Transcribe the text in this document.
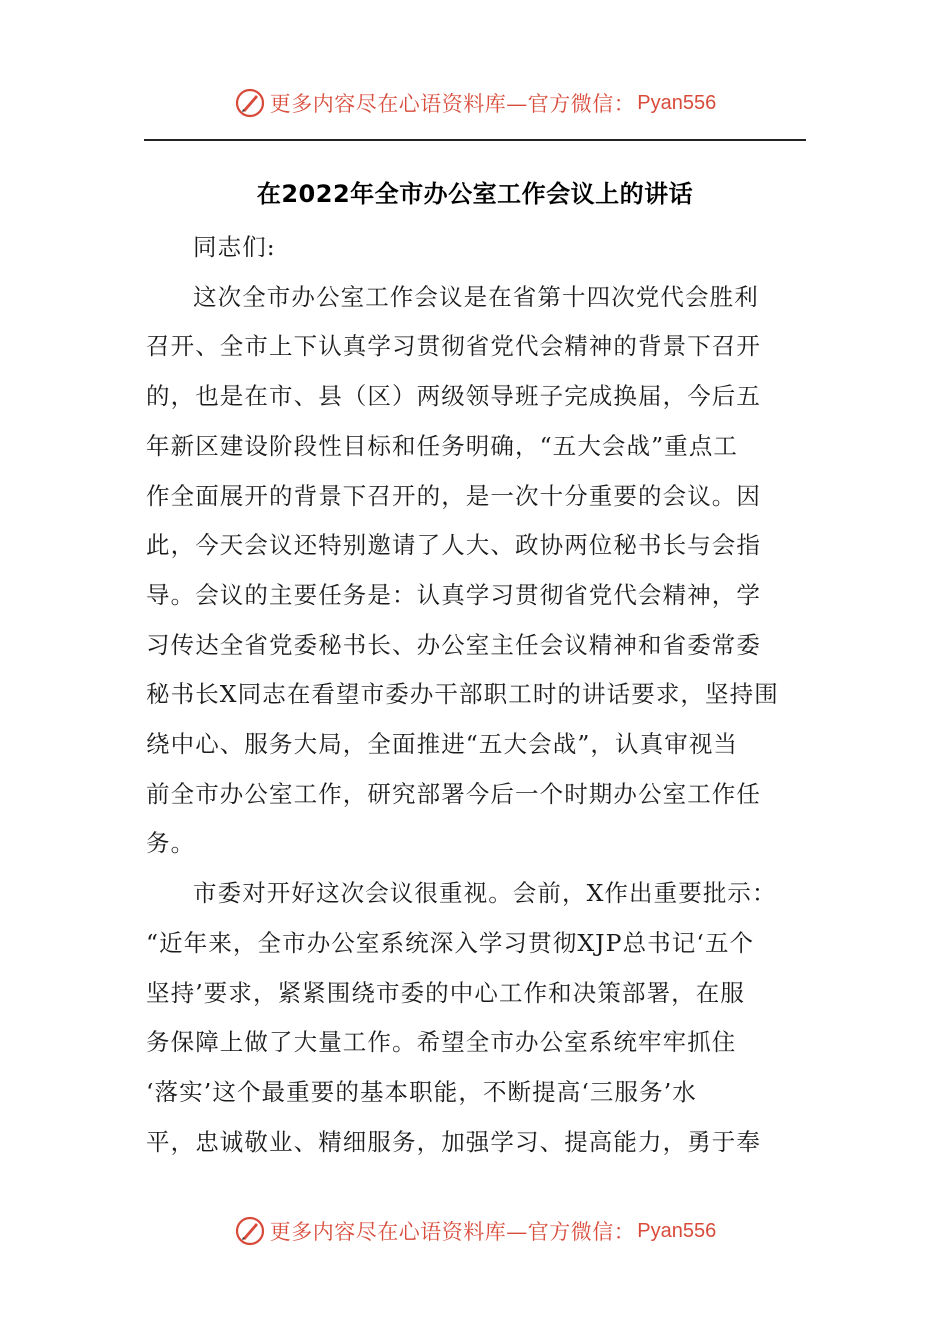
更多内容尽在心语资料库—官方微信： Pyan556
在2022年全市办公室工作会议上的讲话

同志们:

这次全市办公室工作会议是在省第十四次党代会胜利
召开、全市上下认真学习贯彻省党代会精神的背景下召开
的，也是在市、县（区）两级领导班子完成换届，今后五
年新区建设阶段性目标和任务明确，“五大会战”重点工
作全面展开的背景下召开的，是一次十分重要的会议。因
此，今天会议还特别邀请了人大、政协两位秘书长与会指
导。会议的主要任务是：认真学习贯彻省党代会精神，学
习传达全省党委秘书长、办公室主任会议精神和省委常委
秘书长X同志在看望市委办干部职工时的讲话要求，坚持围
绕中心、服务大局，全面推进“五大会战”，认真审视当
前全市办公室工作，研究部署今后一个时期办公室工作任
务。

市委对开好这次会议很重视。会前，X作出重要批示：
“近年来，全市办公室系统深入学习贯彻XJP总书记‘五个
坚持’要求，紧紧围绕市委的中心工作和决策部署，在服
务保障上做了大量工作。希望全市办公室系统牢牢抓住
‘落实’这个最重要的基本职能，不断提高‘三服务’水
平，忠诚敬业、精细服务，加强学习、提高能力，勇于奉

更多内容尽在心语资料库—官方微信： Pyan556
